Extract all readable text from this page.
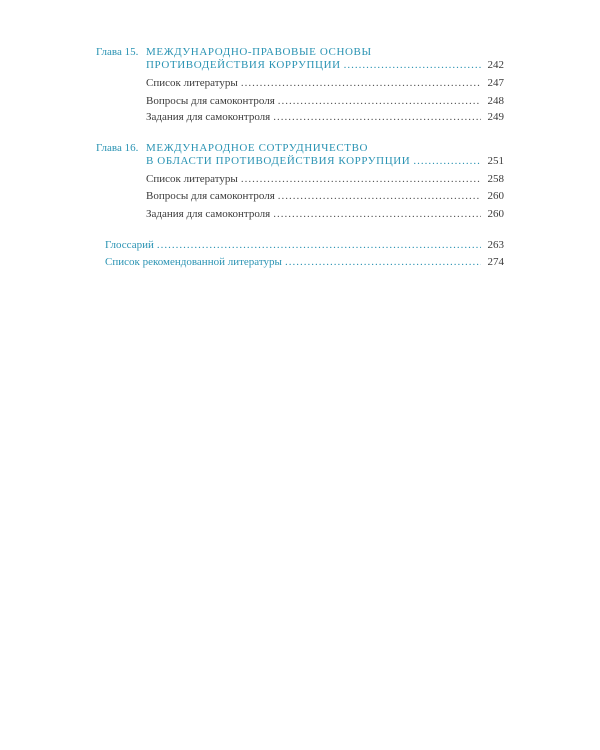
Глава 15. МЕЖДУНАРОДНО-ПРАВОВЫЕ ОСНОВЫ
ПРОТИВОДЕЙСТВИЯ КОРРУПЦИИ .....	242
Список литературы .....	247
Вопросы для самоконтроля .....	248
Задания для самоконтроля .....	249
Глава 16. МЕЖДУНАРОДНОЕ СОТРУДНИЧЕСТВО
В ОБЛАСТИ ПРОТИВОДЕЙСТВИЯ КОРРУПЦИИ .....	251
Список литературы .....	258
Вопросы для самоконтроля .....	260
Задания для самоконтроля .....	260
Глоссарий .....	263
Список рекомендованной литературы .....	274
